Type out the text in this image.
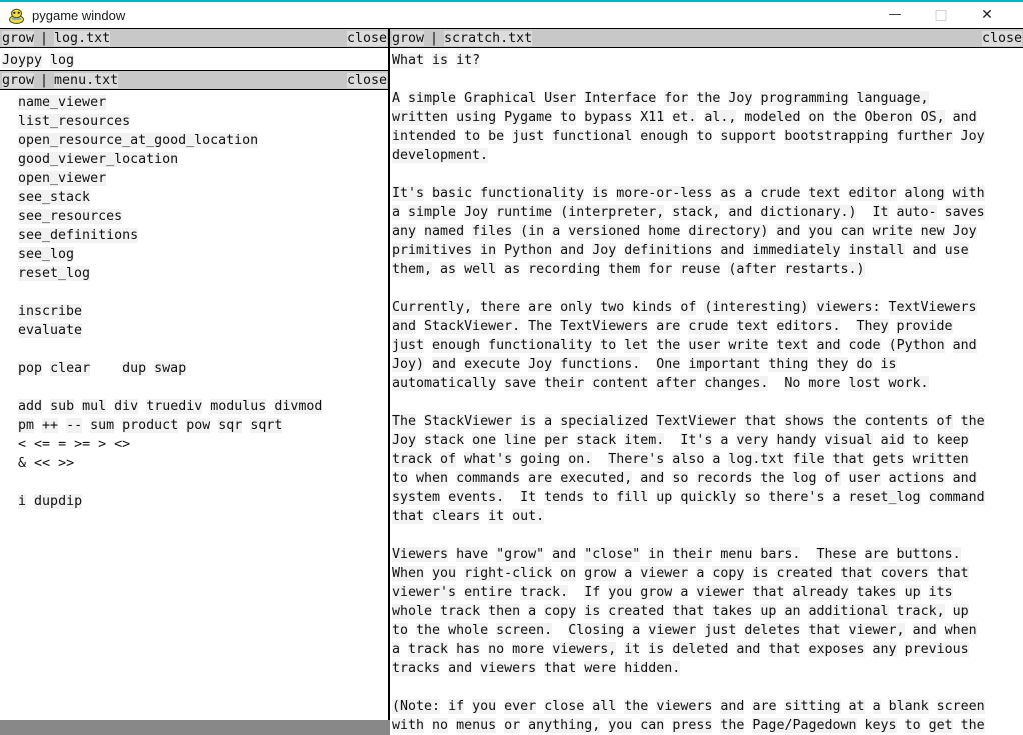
pygame window	—	□	✕
grow | log.txt	close
Joypy log
grow | menu.txt	close
name_viewer
list_resources
open_resource_at_good_location
good_viewer_location
open_viewer
see_stack
see_resources
see_definitions
see_log
reset_log

inscribe
evaluate

pop clear dup swap

add sub mul div truediv modulus divmod
pm ++ -- sum product pow sqr sqrt
< <= = >= > <>
& << >>

i dupdip
grow | scratch.txt	close
What is it?

A simple Graphical User Interface for the Joy programming language,
written using Pygame to bypass X11 et. al., modeled on the Oberon OS, and
intended to be just functional enough to support bootstrapping further Joy
development.

It's basic functionality is more-or-less as a crude text editor along with
a simple Joy runtime (interpreter, stack, and dictionary.) It auto- saves
any named files (in a versioned home directory) and you can write new Joy
primitives in Python and Joy definitions and immediately install and use
them, as well as recording them for reuse (after restarts.)

Currently, there are only two kinds of (interesting) viewers: TextViewers
and StackViewer. The TextViewers are crude text editors. They provide
just enough functionality to let the user write text and code (Python and
Joy) and execute Joy functions. One important thing they do is
automatically save their content after changes. No more lost work.

The StackViewer is a specialized TextViewer that shows the contents of the
Joy stack one line per stack item. It's a very handy visual aid to keep
track of what's going on. There's also a log.txt file that gets written
to when commands are executed, and so records the log of user actions and
system events. It tends to fill up quickly so there's a reset_log command
that clears it out.

Viewers have "grow" and "close" in their menu bars. These are buttons.
When you right-click on grow a viewer a copy is created that covers that
viewer's entire track. If you grow a viewer that already takes up its
whole track then a copy is created that takes up an additional track, up
to the whole screen. Closing a viewer just deletes that viewer, and when
a track has no more viewers, it is deleted and that exposes any previous
tracks and viewers that were hidden.

(Note: if you ever close all the viewers and are sitting at a blank screen
with no menus or anything, you can press the Page/Pagedown keys to get the
